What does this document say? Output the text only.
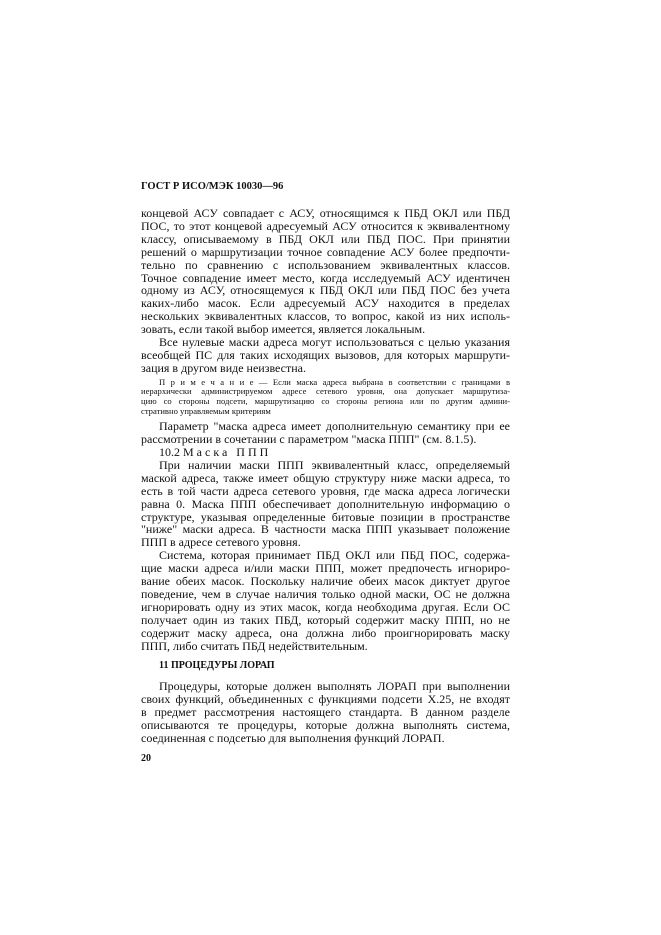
ГОСТ Р ИСО/МЭК 10030—96
концевой АСУ совпадает с АСУ, относящимся к ПБД ОКЛ или ПБД
ПОС, то этот концевой адресуемый АСУ относится к эквивалентному
классу, описываемому в ПБД ОКЛ или ПБД ПОС. При принятии
решений о маршрутизации точное совпадение АСУ более предпочти-
тельно по сравнению с использованием эквивалентных классов.
Точное совпадение имеет место, когда исследуемый АСУ идентичен
одному из АСУ, относящемуся к ПБД ОКЛ или ПБД ПОС без учета
каких-либо масок. Если адресуемый АСУ находится в пределах
нескольких эквивалентных классов, то вопрос, какой из них исполь-
зовать, если такой выбор имеется, является локальным.
Все нулевые маски адреса могут использоваться с целью указания
всеобщей ПС для таких исходящих вызовов, для которых маршрути-
зация в другом виде неизвестна.
П р и м е ч а н и е — Если маска адреса выбрана в соответствии с границами в
иерархически администрируемом адресе сетевого уровня, она допускает маршрутиза-
цию со стороны подсети, маршрутизацию со стороны региона или по другим админи-
стративно управляемым критериям
Параметр "маска адреса имеет дополнительную семантику при ее
рассмотрении в сочетании с параметром "маска ППП" (см. 8.1.5).
10.2 Маска ППП
При наличии маски ППП эквивалентный класс, определяемый
маской адреса, также имеет общую структуру ниже маски адреса, то
есть в той части адреса сетевого уровня, где маска адреса логически
равна 0. Маска ППП обеспечивает дополнительную информацию о
структуре, указывая определенные битовые позиции в пространстве
"ниже" маски адреса. В частности маска ППП указывает положение
ППП в адресе сетевого уровня.
Система, которая принимает ПБД ОКЛ или ПБД ПОС, содержа-
щие маски адреса и/или маски ППП, может предпочесть игнориро-
вание обеих масок. Поскольку наличие обеих масок диктует другое
поведение, чем в случае наличия только одной маски, ОС не должна
игнорировать одну из этих масок, когда необходима другая. Если ОС
получает один из таких ПБД, который содержит маску ППП, но не
содержит маску адреса, она должна либо проигнорировать маску
ППП, либо считать ПБД недействительным.
11 ПРОЦЕДУРЫ ЛОРАП
Процедуры, которые должен выполнять ЛОРАП при выполнении
своих функций, объединенных с функциями подсети X.25, не входят
в предмет рассмотрения настоящего стандарта. В данном разделе
описываются те процедуры, которые должна выполнять система,
соединенная с подсетью для выполнения функций ЛОРАП.
20
